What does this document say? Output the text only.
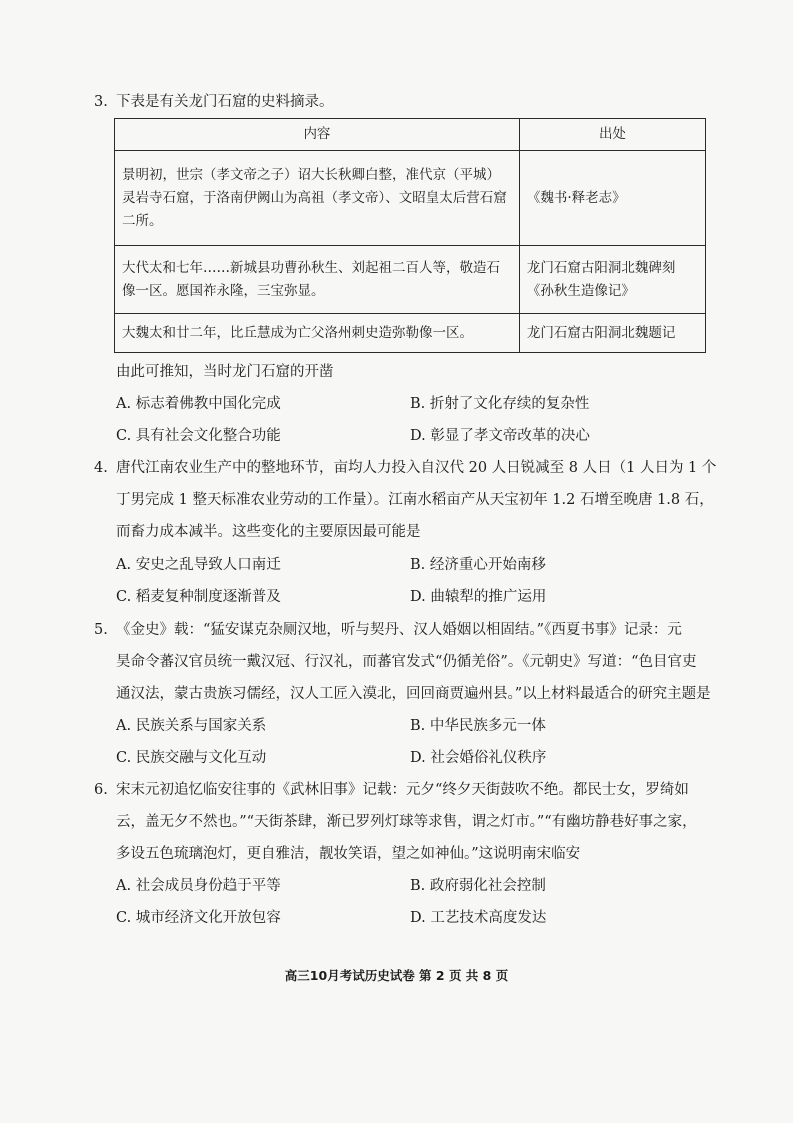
3. 下表是有关龙门石窟的史料摘录。
内容	出处
景明初，世宗（孝文帝之子）诏大长秋卿白整，准代京（平城）灵岩寺石窟，于洛南伊阙山为高祖（孝文帝）、文昭皇太后营石窟二所。	《魏书·释老志》
大代太和七年……新城县功曹孙秋生、刘起祖二百人等，敬造石像一区。愿国祚永隆，三宝弥显。	龙门石窟古阳洞北魏碑刻《孙秋生造像记》
大魏太和廿二年，比丘慧成为亡父洛州刺史造弥勒像一区。	龙门石窟古阳洞北魏题记
由此可推知，当时龙门石窟的开凿
A. 标志着佛教中国化完成	B. 折射了文化存续的复杂性
C. 具有社会文化整合功能	D. 彰显了孝文帝改革的决心
4. 唐代江南农业生产中的整地环节，亩均人力投入自汉代 20 人日锐减至 8 人日（1 人日为 1 个
丁男完成 1 整天标准农业劳动的工作量）。江南水稻亩产从天宝初年 1.2 石增至晚唐 1.8 石，
而畜力成本减半。这些变化的主要原因最可能是
A. 安史之乱导致人口南迁	B. 经济重心开始南移
C. 稻麦复种制度逐渐普及	D. 曲辕犁的推广运用
5. 《金史》载：“猛安谋克杂厕汉地，听与契丹、汉人婚姻以相固结。”《西夏书事》记录：元
昊命令蕃汉官员统一戴汉冠、行汉礼，而蕃官发式“仍循羌俗”。《元朝史》写道：“色目官吏
通汉法，蒙古贵族习儒经，汉人工匠入漠北，回回商贾遍州县。”以上材料最适合的研究主题是
A. 民族关系与国家关系	B. 中华民族多元一体
C. 民族交融与文化互动	D. 社会婚俗礼仪秩序
6. 宋末元初追忆临安往事的《武林旧事》记载：元夕“终夕天街鼓吹不绝。都民士女，罗绮如
云，盖无夕不然也。”“天街茶肆，渐已罗列灯球等求售，谓之灯市。”“有幽坊静巷好事之家，
多设五色琉璃泡灯，更自雅洁，靓妆笑语，望之如神仙。”这说明南宋临安
A. 社会成员身份趋于平等	B. 政府弱化社会控制
C. 城市经济文化开放包容	D. 工艺技术高度发达
高三10月考试历史试卷 第 2 页 共 8 页
